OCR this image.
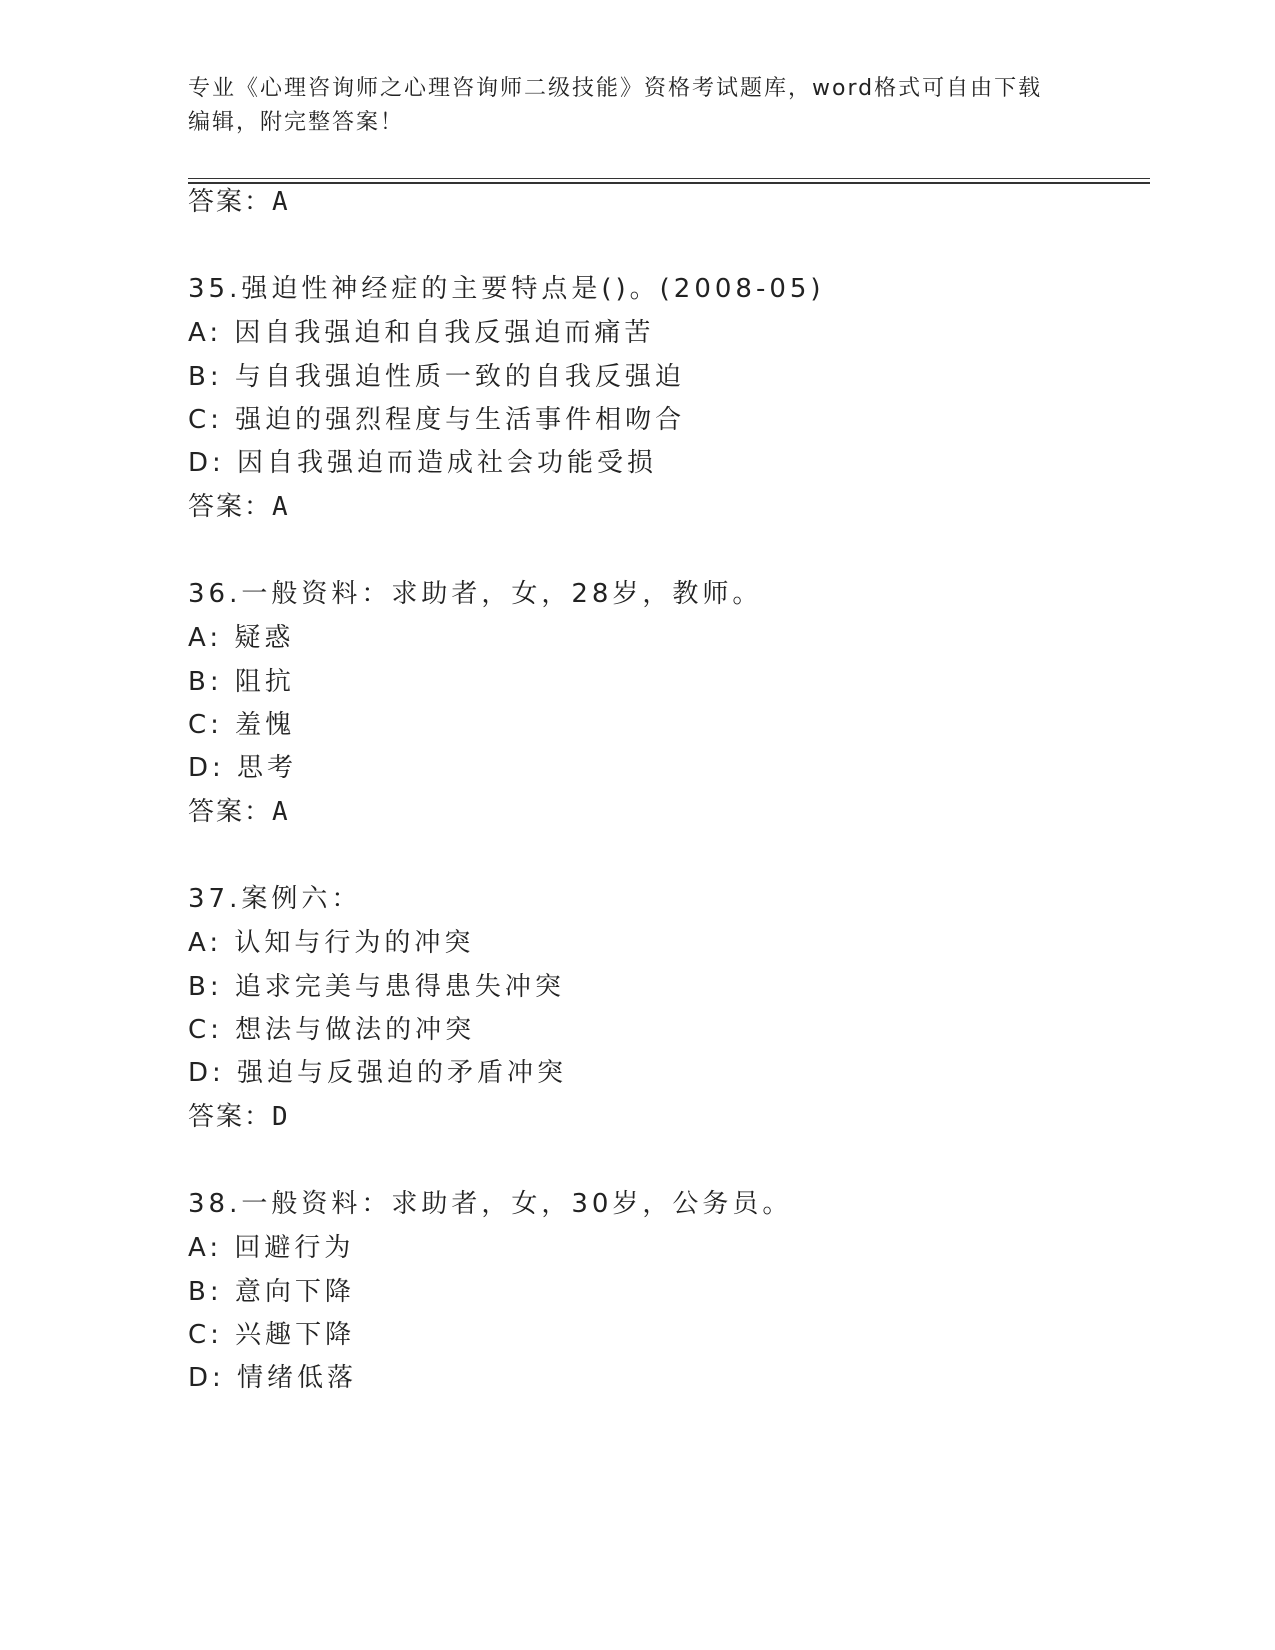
专业《心理咨询师之心理咨询师二级技能》资格考试题库，word格式可自由下载
编辑，附完整答案！
答案：A
35.强迫性神经症的主要特点是()。(2008-05)
A: 因自我强迫和自我反强迫而痛苦
B: 与自我强迫性质一致的自我反强迫
C: 强迫的强烈程度与生活事件相吻合
D: 因自我强迫而造成社会功能受损
答案：A
36.一般资料：求助者，女，28岁，教师。
A: 疑惑
B: 阻抗
C: 羞愧
D: 思考
答案：A
37.案例六：
A: 认知与行为的冲突
B: 追求完美与患得患失冲突
C: 想法与做法的冲突
D: 强迫与反强迫的矛盾冲突
答案：D
38.一般资料：求助者，女，30岁，公务员。
A: 回避行为
B: 意向下降
C: 兴趣下降
D: 情绪低落
